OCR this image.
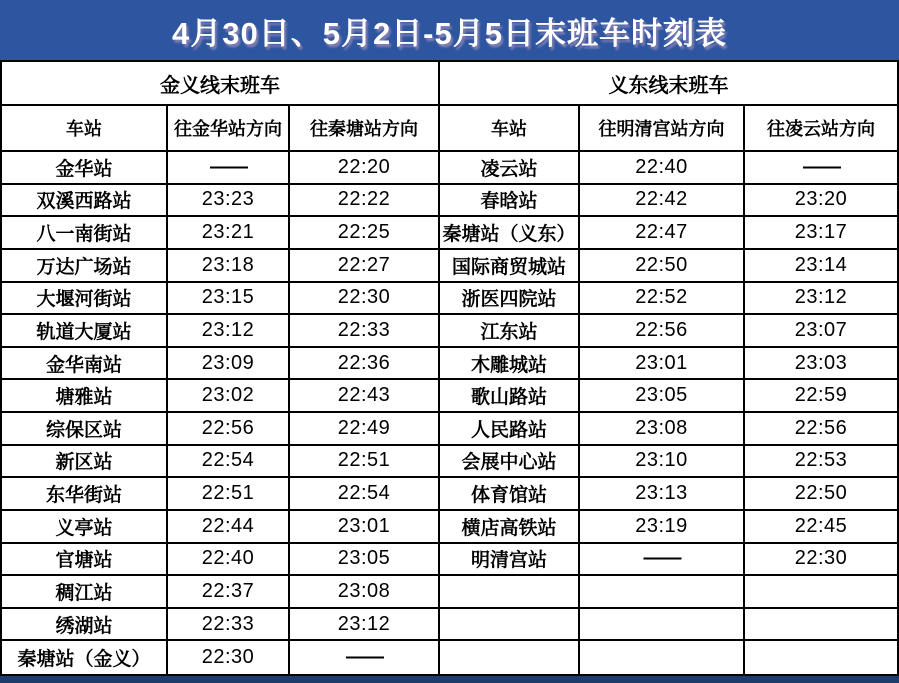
4月30日、5月2日-5月5日末班车时刻表
金义线末班车	义东线末班车
车站	往金华站方向	往秦塘站方向	车站	往明清宫站方向	往凌云站方向
金华站	——	22:20	凌云站	22:40	——
双溪西路站	23:23	22:22	春晗站	22:42	23:20
八一南街站	23:21	22:25	秦塘站（义东）	22:47	23:17
万达广场站	23:18	22:27	国际商贸城站	22:50	23:14
大堰河街站	23:15	22:30	浙医四院站	22:52	23:12
轨道大厦站	23:12	22:33	江东站	22:56	23:07
金华南站	23:09	22:36	木雕城站	23:01	23:03
塘雅站	23:02	22:43	歌山路站	23:05	22:59
综保区站	22:56	22:49	人民路站	23:08	22:56
新区站	22:54	22:51	会展中心站	23:10	22:53
东华街站	22:51	22:54	体育馆站	23:13	22:50
义亭站	22:44	23:01	横店高铁站	23:19	22:45
官塘站	22:40	23:05	明清宫站	——	22:30
稠江站	22:37	23:08
绣湖站	22:33	23:12
秦塘站（金义）	22:30	——
